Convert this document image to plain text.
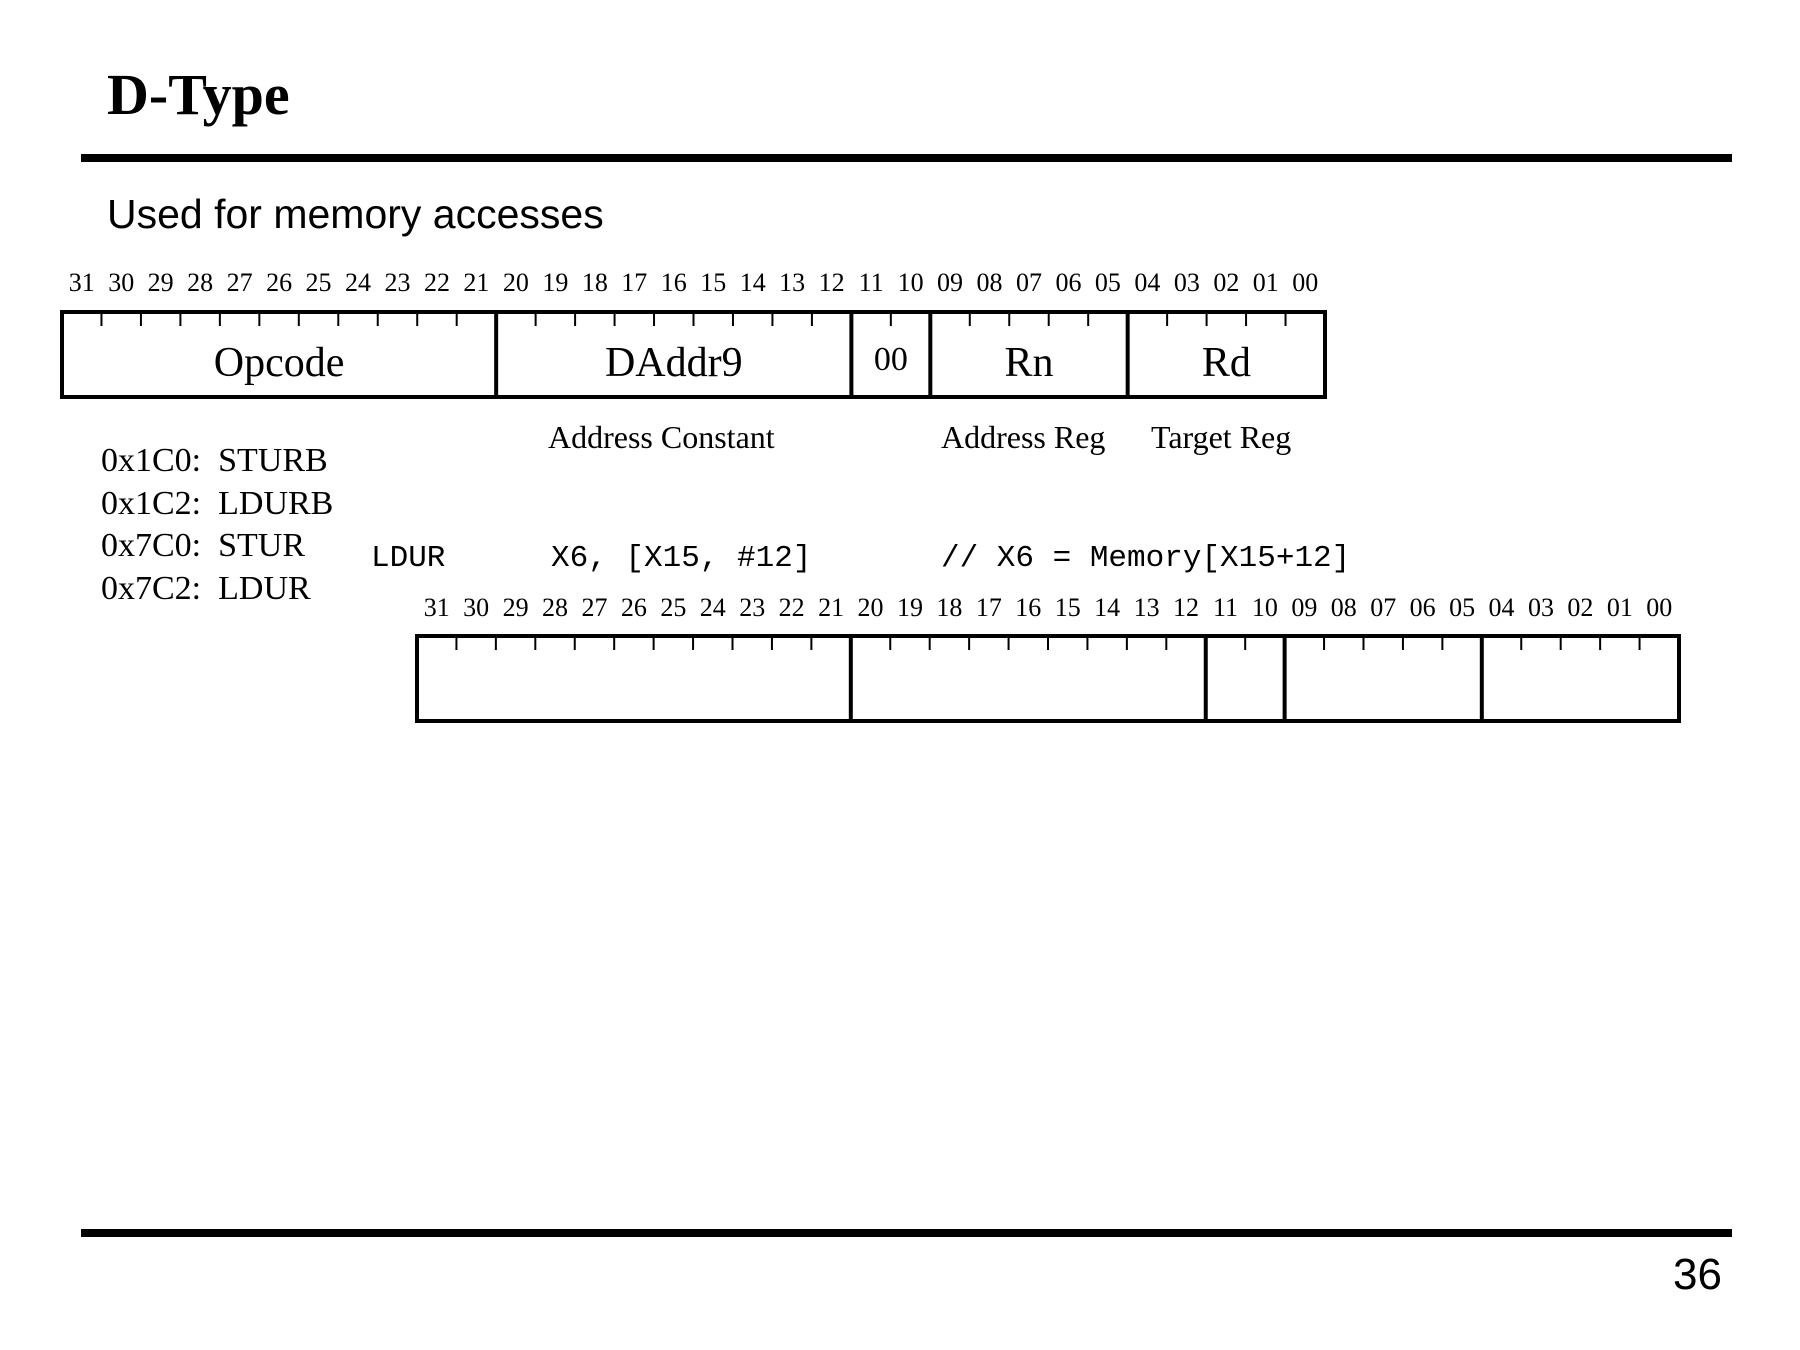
D-Type
Used for memory accesses
31 30 29 28 27 26 25 24 23 22 21 20 19 18 17 16 15 14 13 12 11 10 09 08 07 06 05 04 03 02 01 00
Opcode	DAddr9	00 Rn	Rd
Address Constant	Address Reg Target Reg
0x1C0: STURB
0x1C2: LDURB
0x7C0: STUR
0x7C2: LDUR
LDUR	X6, [X15, #12]	// X6 = Memory[X15+12]
31 30 29 28 27 26 25 24 23 22 21 20 19 18 17 16 15 14 13 12 11 10 09 08 07 06 05 04 03 02 01 00
36
